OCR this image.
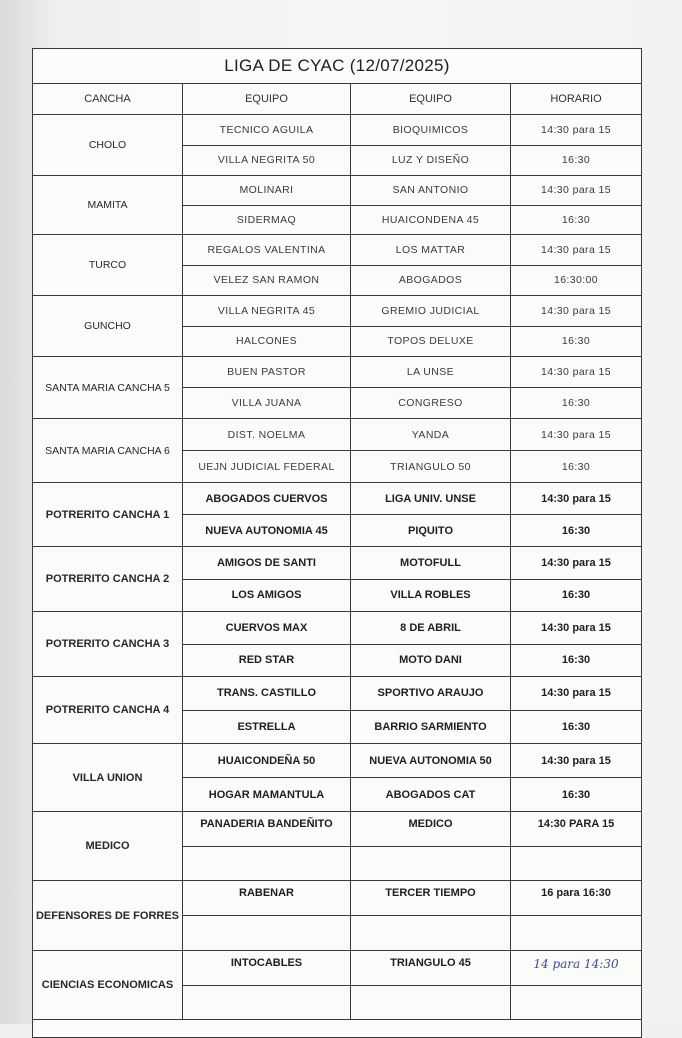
LIGA DE CYAC (12/07/2025)
CANCHA	EQUIPO	EQUIPO	HORARIO
CHOLO
TECNICO AGUILA	BIOQUIMICOS	14:30 para 15
VILLA NEGRITA 50	LUZ Y DISEÑO	16:30
MAMITA
MOLINARI	SAN ANTONIO	14:30 para 15
SIDERMAQ	HUAICONDENA 45	16:30
TURCO
REGALOS VALENTINA	LOS MATTAR	14:30 para 15
VELEZ SAN RAMON	ABOGADOS	16:30:00
GUNCHO
VILLA NEGRITA 45	GREMIO JUDICIAL	14:30 para 15
HALCONES	TOPOS DELUXE	16:30
SANTA MARIA CANCHA 5
BUEN PASTOR	LA UNSE	14:30 para 15
VILLA JUANA	CONGRESO	16:30
SANTA MARIA CANCHA 6
DIST. NOELMA	YANDA	14:30 para 15
UEJN JUDICIAL FEDERAL	TRIANGULO 50	16:30
POTRERITO CANCHA 1
ABOGADOS CUERVOS	LIGA UNIV. UNSE	14:30 para 15
NUEVA AUTONOMIA 45	PIQUITO	16:30
POTRERITO CANCHA 2
AMIGOS DE SANTI	MOTOFULL	14:30 para 15
LOS AMIGOS	VILLA ROBLES	16:30
POTRERITO CANCHA 3
CUERVOS MAX	8 DE ABRIL	14:30 para 15
RED STAR	MOTO DANI	16:30
POTRERITO CANCHA 4
TRANS. CASTILLO	SPORTIVO ARAUJO	14:30 para 15
ESTRELLA	BARRIO SARMIENTO	16:30
VILLA UNION
HUAICONDEÑA 50	NUEVA AUTONOMIA 50	14:30 para 15
HOGAR MAMANTULA	ABOGADOS CAT	16:30
MEDICO
PANADERIA BANDEÑITO	MEDICO	14:30 PARA 15
DEFENSORES DE FORRES
RABENAR	TERCER TIEMPO	16 para 16:30
CIENCIAS ECONOMICAS
INTOCABLES	TRIANGULO 45	14 para 14:30
